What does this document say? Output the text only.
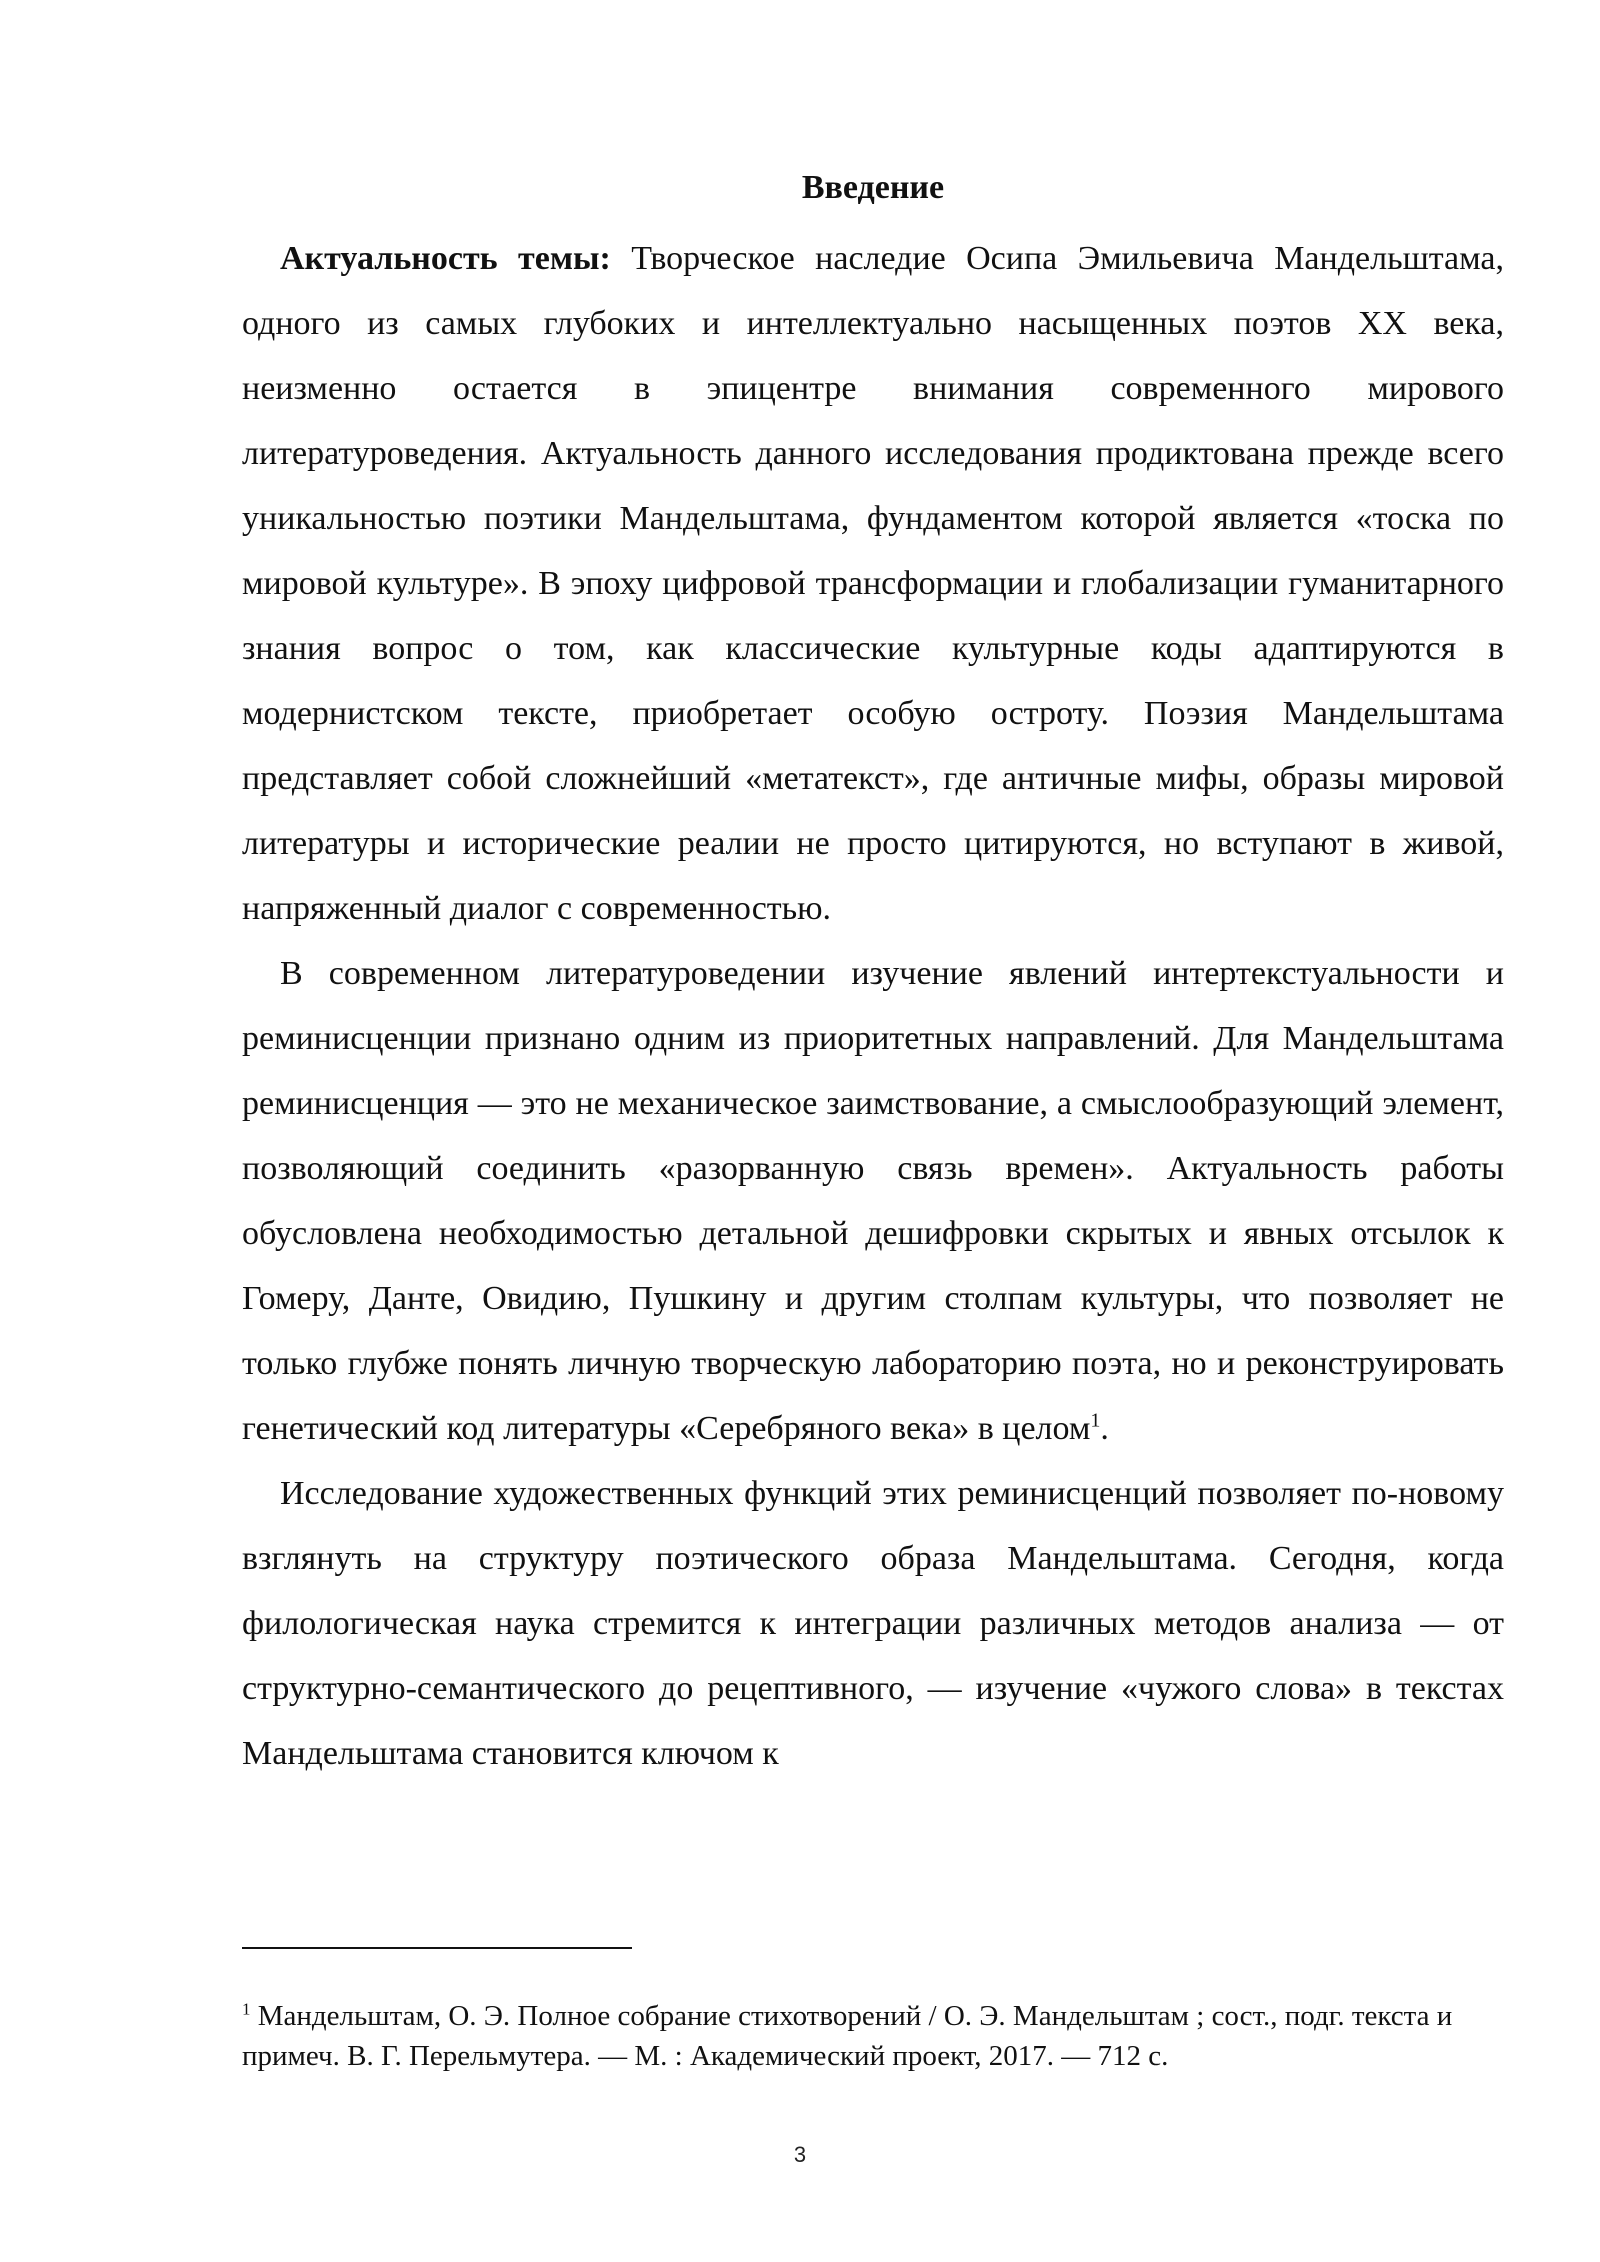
Введение

Актуальность темы: Творческое наследие Осипа Эмильевича Мандельштама, одного из самых глубоких и интеллектуально насыщенных поэтов XX века, неизменно остается в эпицентре внимания современного мирового литературоведения. Актуальность данного исследования продиктована прежде всего уникальностью поэтики Мандельштама, фундаментом которой является «тоска по мировой культуре». В эпоху цифровой трансформации и глобализации гуманитарного знания вопрос о том, как классические культурные коды адаптируются в модернистском тексте, приобретает особую остроту. Поэзия Мандельштама представляет собой сложнейший «метатекст», где античные мифы, образы мировой литературы и исторические реалии не просто цитируются, но вступают в живой, напряженный диалог с современностью.

В современном литературоведении изучение явлений интертекстуальности и реминисценции признано одним из приоритетных направлений. Для Мандельштама реминисценция — это не механическое заимствование, а смыслообразующий элемент, позволяющий соединить «разорванную связь времен». Актуальность работы обусловлена необходимостью детальной дешифровки скрытых и явных отсылок к Гомеру, Данте, Овидию, Пушкину и другим столпам культуры, что позволяет не только глубже понять личную творческую лабораторию поэта, но и реконструировать генетический код литературы «Серебряного века» в целом$^1$.

Исследование художественных функций этих реминисценций позволяет по-новому взглянуть на структуру поэтического образа Мандельштама. Сегодня, когда филологическая наука стремится к интеграции различных методов анализа — от структурно-семантического до рецептивного, — изучение «чужого слова» в текстах Мандельштама становится ключом к

$^1$ Мандельштам, О. Э. Полное собрание стихотворений / О. Э. Мандельштам ; сост., подг. текста и примеч. В. Г. Перельмутера. — М. : Академический проект, 2017. — 712 с.
3
